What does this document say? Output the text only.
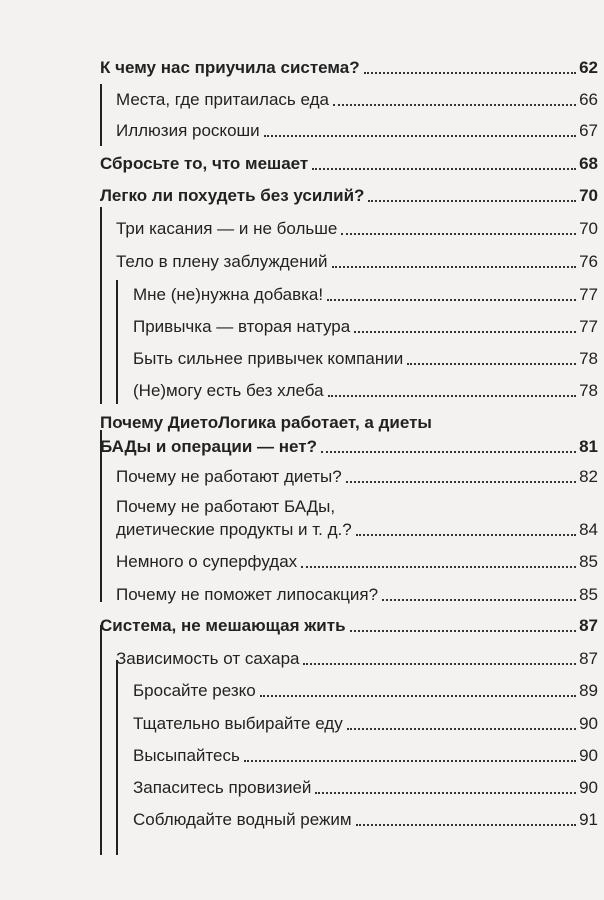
К чему нас приучила система?	62
Места, где притаилась еда	66
Иллюзия роскоши	67
Сбросьте то, что мешает	68
Легко ли похудеть без усилий?	70
Три касания — и не больше	70
Тело в плену заблуждений	76
Мне (не)нужна добавка!	77
Привычка — вторая натура	77
Быть сильнее привычек компании	78
(Не)могу есть без хлеба	78
Почему ДиетоЛогика работает, а диеты
БАДы и операции — нет?	81
Почему не работают диеты?	82
Почему не работают БАДы,
диетические продукты и т. д.?	84
Немного о суперфудах	85
Почему не поможет липосакция?	85
Система, не мешающая жить	87
Зависимость от сахара	87
Бросайте резко	89
Тщательно выбирайте еду	90
Высыпайтесь	90
Запаситесь провизией	90
Соблюдайте водный режим	91
